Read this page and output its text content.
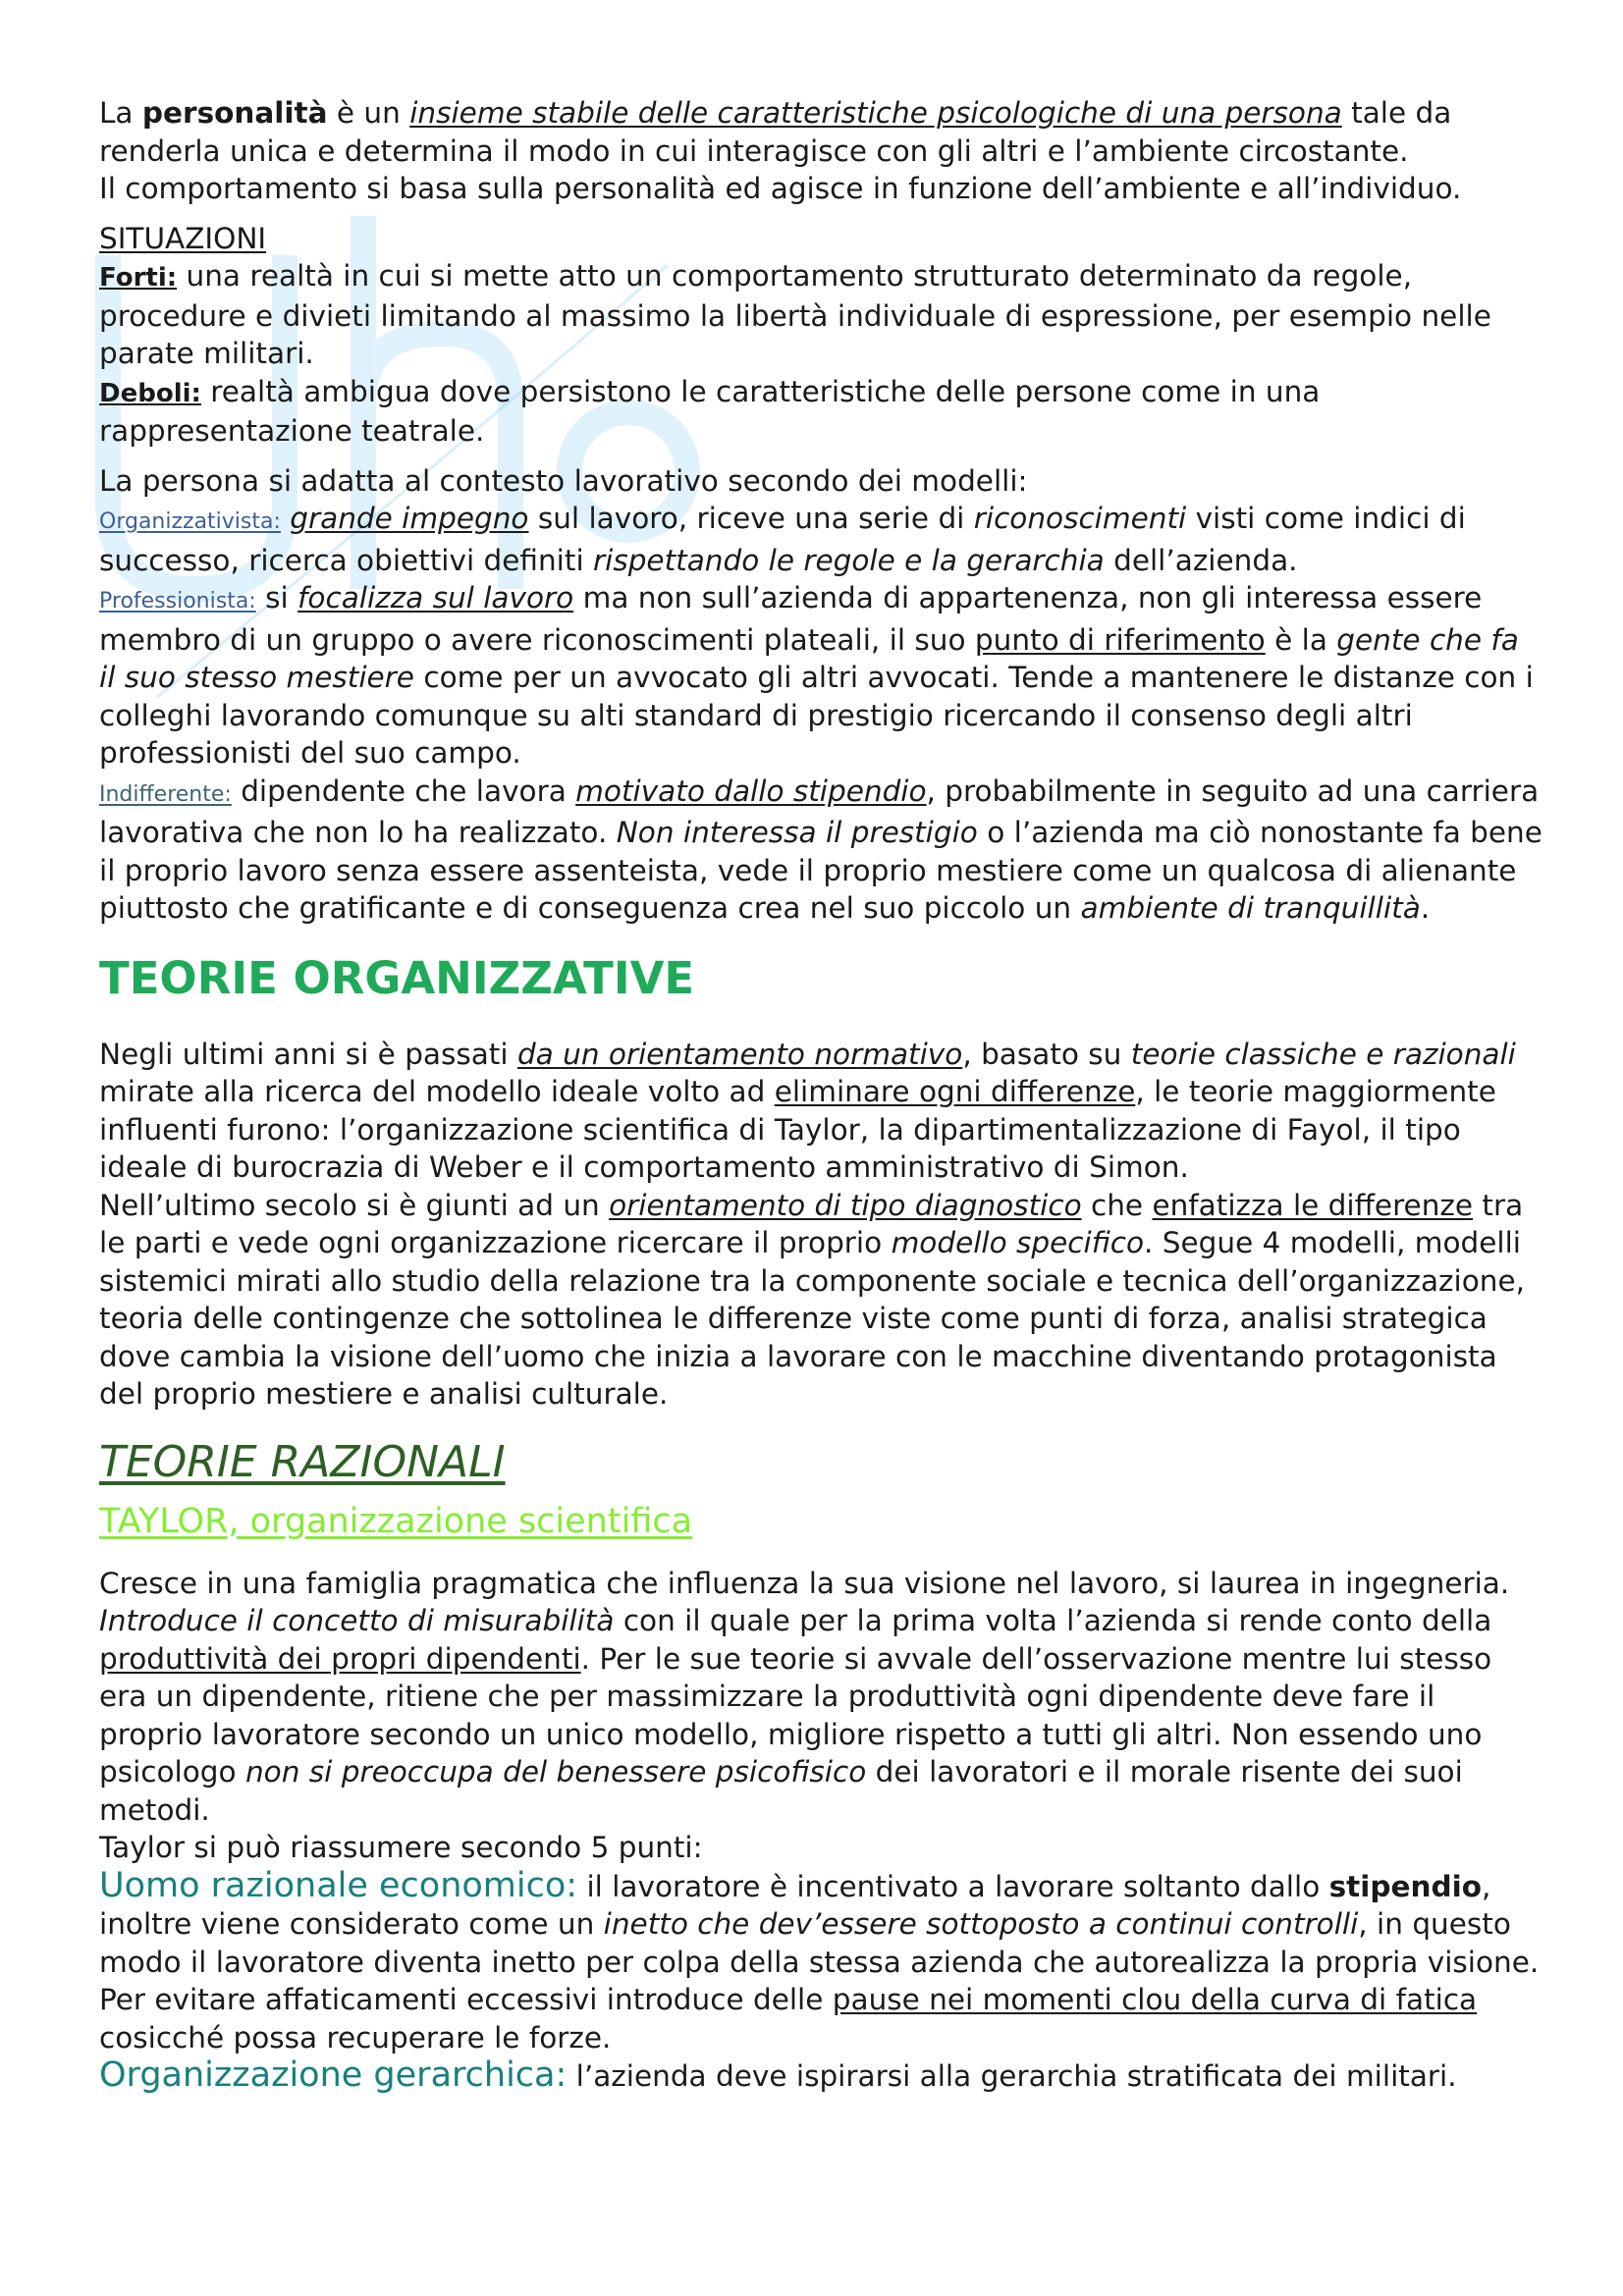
La personalità è un insieme stabile delle caratteristiche psicologiche di una persona tale da renderla unica e determina il modo in cui interagisce con gli altri e l’ambiente circostante.

Il comportamento si basa sulla personalità ed agisce in funzione dell’ambiente e all’individuo.

SITUAZIONI

Forti: una realtà in cui si mette atto un comportamento strutturato determinato da regole, procedure e divieti limitando al massimo la libertà individuale di espressione, per esempio nelle parate militari.

Deboli: realtà ambigua dove persistono le caratteristiche delle persone come in una rappresentazione teatrale.

La persona si adatta al contesto lavorativo secondo dei modelli:

Organizzativista: grande impegno sul lavoro, riceve una serie di riconoscimenti visti come indici di successo, ricerca obiettivi definiti rispettando le regole e la gerarchia dell’azienda.

Professionista: si focalizza sul lavoro ma non sull’azienda di appartenenza, non gli interessa essere membro di un gruppo o avere riconoscimenti plateali, il suo punto di riferimento è la gente che fa il suo stesso mestiere come per un avvocato gli altri avvocati. Tende a mantenere le distanze con i colleghi lavorando comunque su alti standard di prestigio ricercando il consenso degli altri professionisti del suo campo.

Indifferente: dipendente che lavora motivato dallo stipendio, probabilmente in seguito ad una carriera lavorativa che non lo ha realizzato. Non interessa il prestigio o l’azienda ma ciò nonostante fa bene il proprio lavoro senza essere assenteista, vede il proprio mestiere come un qualcosa di alienante piuttosto che gratificante e di conseguenza crea nel suo piccolo un ambiente di tranquillità.

TEORIE ORGANIZZATIVE

Negli ultimi anni si è passati da un orientamento normativo, basato su teorie classiche e razionali mirate alla ricerca del modello ideale volto ad eliminare ogni differenze, le teorie maggiormente influenti furono: l’organizzazione scientifica di Taylor, la dipartimentalizzazione di Fayol, il tipo ideale di burocrazia di Weber e il comportamento amministrativo di Simon.

Nell’ultimo secolo si è giunti ad un orientamento di tipo diagnostico che enfatizza le differenze tra le parti e vede ogni organizzazione ricercare il proprio modello specifico. Segue 4 modelli, modelli sistemici mirati allo studio della relazione tra la componente sociale e tecnica dell’organizzazione, teoria delle contingenze che sottolinea le differenze viste come punti di forza, analisi strategica dove cambia la visione dell’uomo che inizia a lavorare con le macchine diventando protagonista del proprio mestiere e analisi culturale.

TEORIE RAZIONALI
TAYLOR, organizzazione scientifica

Cresce in una famiglia pragmatica che influenza la sua visione nel lavoro, si laurea in ingegneria.

Introduce il concetto di misurabilità con il quale per la prima volta l’azienda si rende conto della produttività dei propri dipendenti. Per le sue teorie si avvale dell’osservazione mentre lui stesso era un dipendente, ritiene che per massimizzare la produttività ogni dipendente deve fare il proprio lavoratore secondo un unico modello, migliore rispetto a tutti gli altri. Non essendo uno psicologo non si preoccupa del benessere psicofisico dei lavoratori e il morale risente dei suoi metodi.

Taylor si può riassumere secondo 5 punti:

Uomo razionale economico: il lavoratore è incentivato a lavorare soltanto dallo stipendio, inoltre viene considerato come un inetto che dev’essere sottoposto a continui controlli, in questo modo il lavoratore diventa inetto per colpa della stessa azienda che autorealizza la propria visione. Per evitare affaticamenti eccessivi introduce delle pause nei momenti clou della curva di fatica cosicché possa recuperare le forze.

Organizzazione gerarchica: l’azienda deve ispirarsi alla gerarchia stratificata dei militari.
